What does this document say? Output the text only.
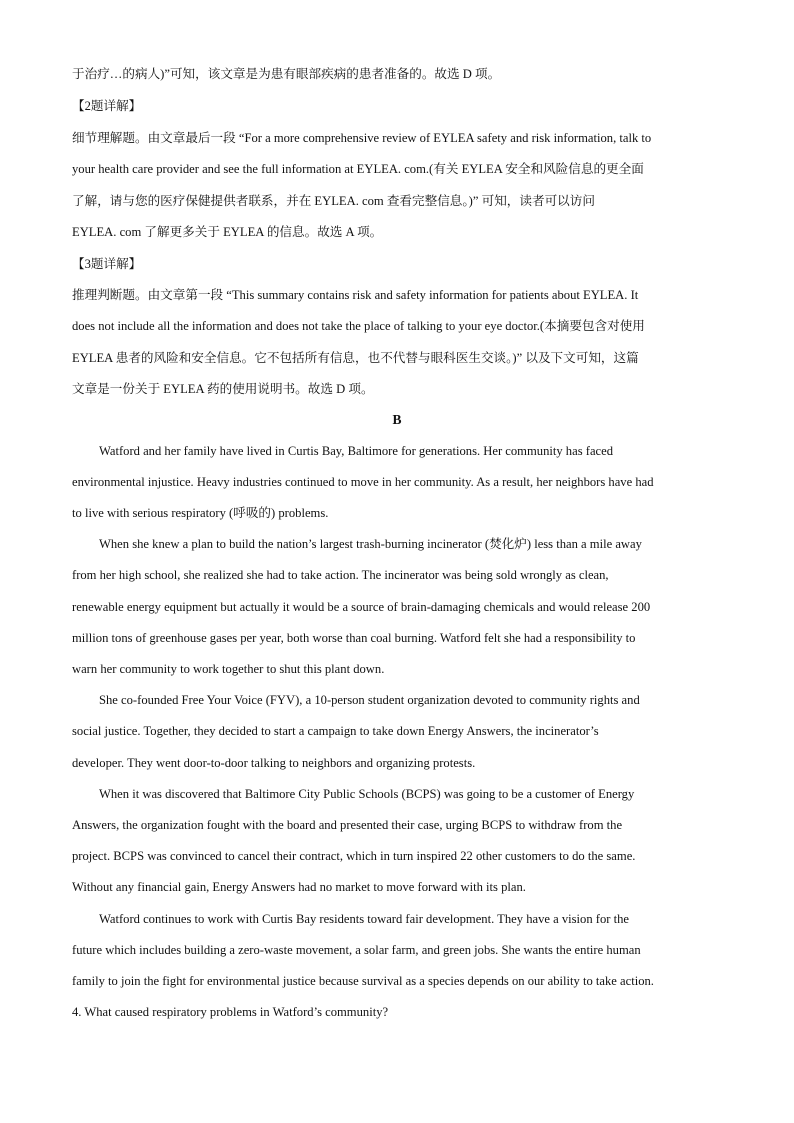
于治疗…的病人)”可知，该文章是为患有眼部疾病的患者准备的。故选 D 项。
【2题详解】
细节理解题。由文章最后一段 “For a more comprehensive review of EYLEA safety and risk information, talk to
your health care provider and see the full information at EYLEA. com.(有关 EYLEA 安全和风险信息的更全面
了解，请与您的医疗保健提供者联系，并在 EYLEA. com 查看完整信息。)” 可知，读者可以访问
EYLEA. com 了解更多关于 EYLEA 的信息。故选 A 项。
【3题详解】
推理判断题。由文章第一段 “This summary contains risk and safety information for patients about EYLEA. It
does not include all the information and does not take the place of talking to your eye doctor.(本摘要包含对使用
EYLEA 患者的风险和安全信息。它不包括所有信息，也不代替与眼科医生交谈。)” 以及下文可知，这篇
文章是一份关于 EYLEA 药的使用说明书。故选 D 项。
B
Watford and her family have lived in Curtis Bay, Baltimore for generations. Her community has faced
environmental injustice. Heavy industries continued to move in her community. As a result, her neighbors have had
to live with serious respiratory (呼吸的) problems.
When she knew a plan to build the nation’s largest trash-burning incinerator (焚化炉) less than a mile away
from her high school, she realized she had to take action. The incinerator was being sold wrongly as clean,
renewable energy equipment but actually it would be a source of brain-damaging chemicals and would release 200
million tons of greenhouse gases per year, both worse than coal burning. Watford felt she had a responsibility to
warn her community to work together to shut this plant down.
She co-founded Free Your Voice (FYV), a 10-person student organization devoted to community rights and
social justice. Together, they decided to start a campaign to take down Energy Answers, the incinerator’s
developer. They went door-to-door talking to neighbors and organizing protests.
When it was discovered that Baltimore City Public Schools (BCPS) was going to be a customer of Energy
Answers, the organization fought with the board and presented their case, urging BCPS to withdraw from the
project. BCPS was convinced to cancel their contract, which in turn inspired 22 other customers to do the same.
Without any financial gain, Energy Answers had no market to move forward with its plan.
Watford continues to work with Curtis Bay residents toward fair development. They have a vision for the
future which includes building a zero-waste movement, a solar farm, and green jobs. She wants the entire human
family to join the fight for environmental justice because survival as a species depends on our ability to take action.
4. What caused respiratory problems in Watford’s community?
